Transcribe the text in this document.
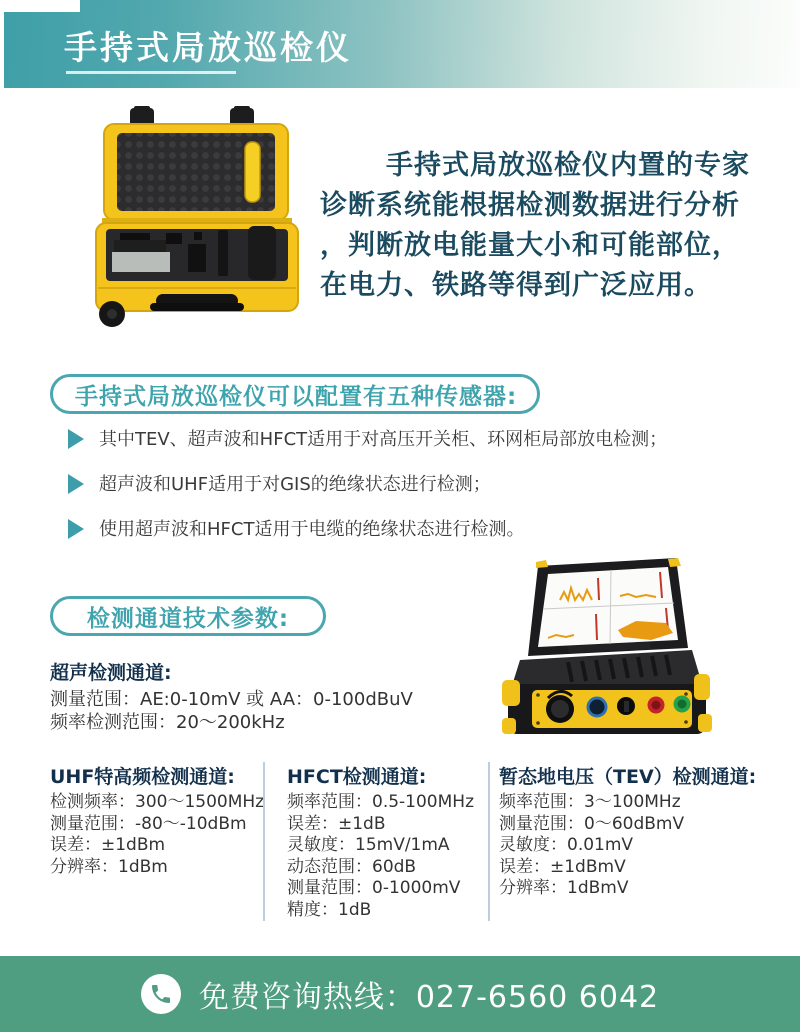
手持式局放巡检仪
手持式局放巡检仪内置的专家
诊断系统能根据检测数据进行分析
，判断放电能量大小和可能部位，
在电力、铁路等得到广泛应用。
手持式局放巡检仪可以配置有五种传感器:
其中TEV、超声波和HFCT适用于对高压开关柜、环网柜局部放电检测；
超声波和UHF适用于对GIS的绝缘状态进行检测；
使用超声波和HFCT适用于电缆的绝缘状态进行检测。
检测通道技术参数:
超声检测通道:
测量范围：AE:0-10mV 或 AA：0-100dBuV
频率检测范围：20～200kHz
UHF特高频检测通道:
检测频率：300～1500MHz
测量范围：-80～-10dBm
误差：±1dBm
分辨率：1dBm
HFCT检测通道:
频率范围：0.5-100MHz
误差：±1dB
灵敏度：15mV/1mA
动态范围：60dB
测量范围：0-1000mV
精度：1dB
暂态地电压（TEV）检测通道:
频率范围：3～100MHz
测量范围：0～60dBmV
灵敏度：0.01mV
误差：±1dBmV
分辨率：1dBmV
免费咨询热线：027-6560 6042
